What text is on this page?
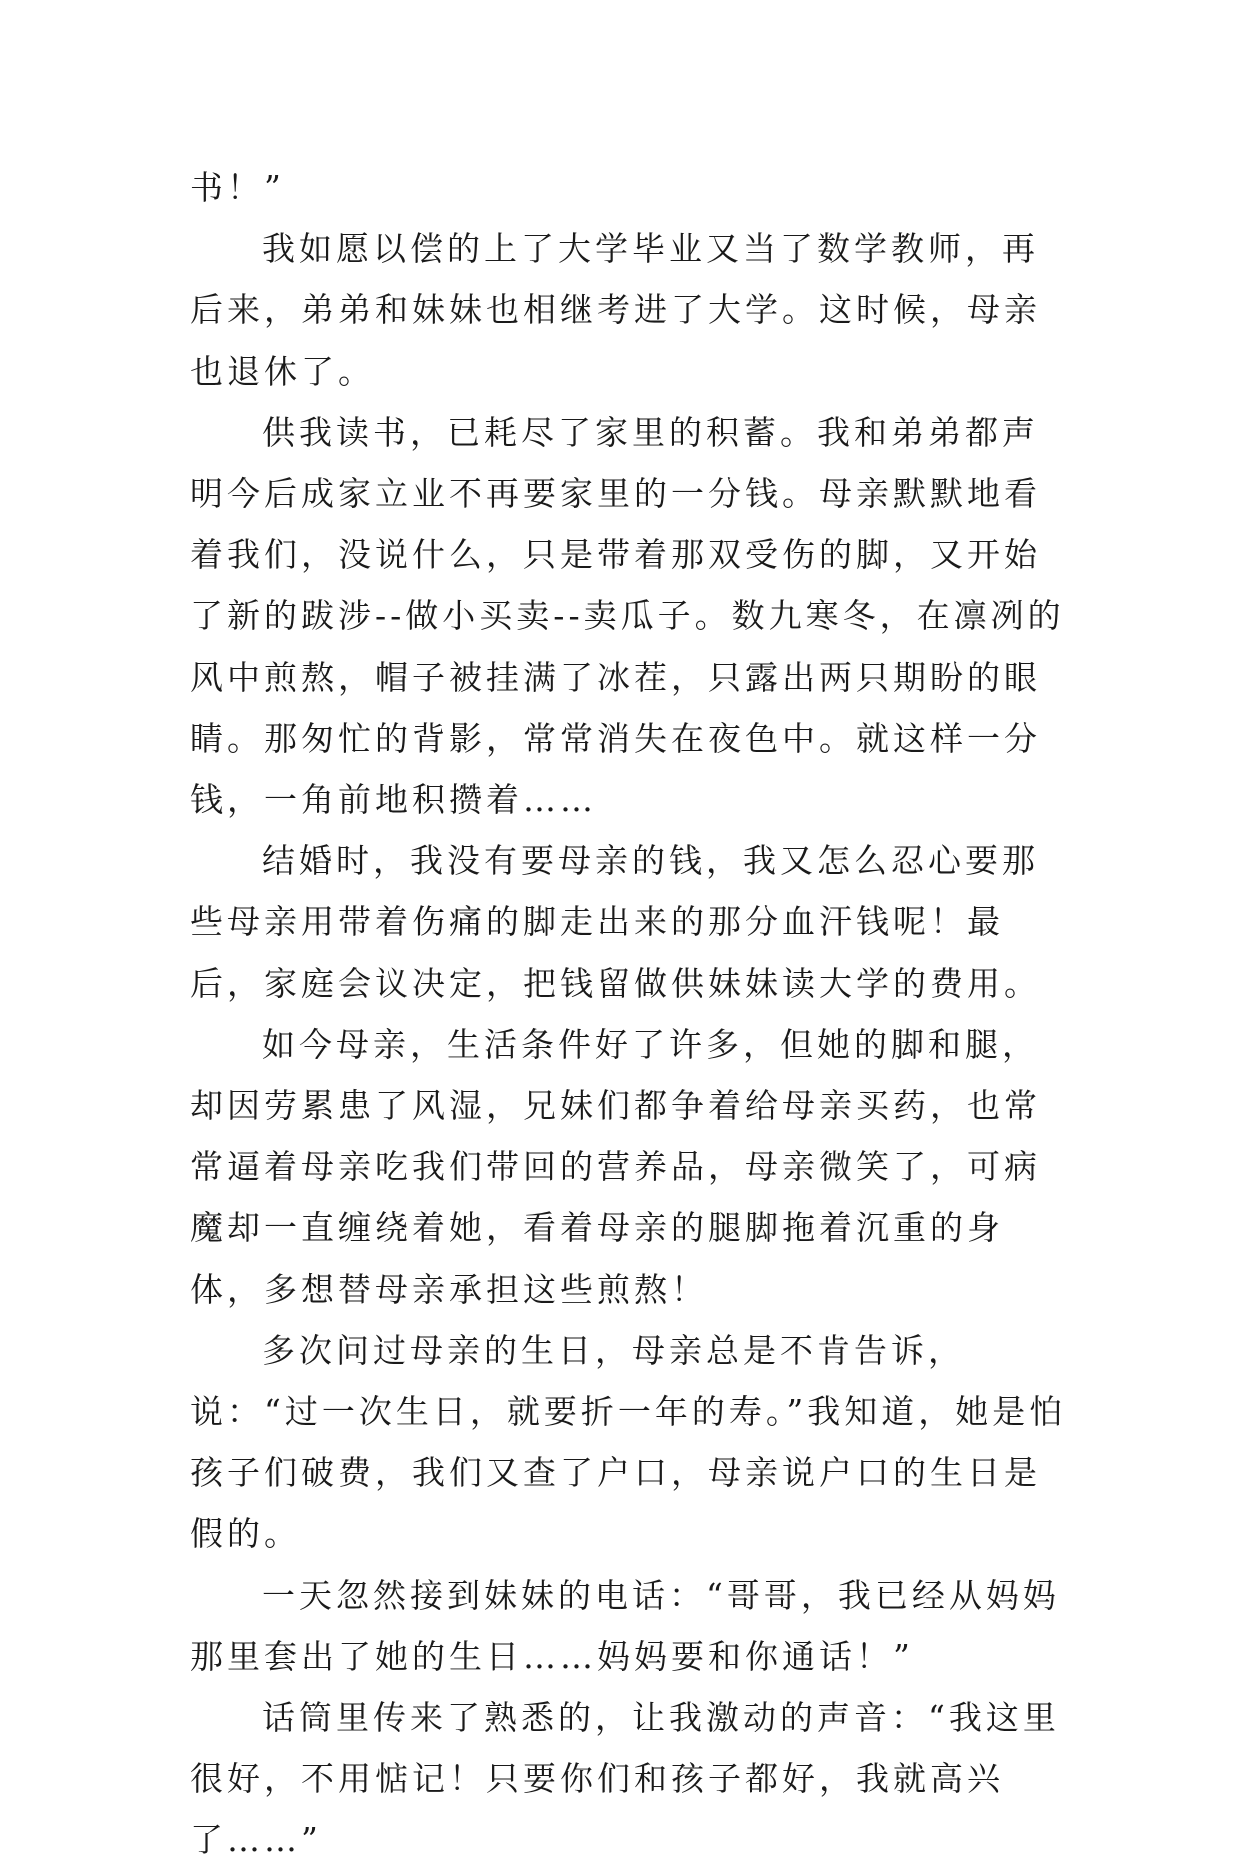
书！”

我如愿以偿的上了大学毕业又当了数学教师，再后来，弟弟和妹妹也相继考进了大学。这时候，母亲也退休了。

供我读书，已耗尽了家里的积蓄。我和弟弟都声明今后成家立业不再要家里的一分钱。母亲默默地看着我们，没说什么，只是带着那双受伤的脚，又开始了新的跋涉--做小买卖--卖瓜子。数九寒冬，在凛冽的风中煎熬，帽子被挂满了冰茬，只露出两只期盼的眼睛。那匆忙的背影，常常消失在夜色中。就这样一分钱，一角前地积攒着……

结婚时，我没有要母亲的钱，我又怎么忍心要那些母亲用带着伤痛的脚走出来的那分血汗钱呢！最后，家庭会议决定，把钱留做供妹妹读大学的费用。

如今母亲，生活条件好了许多，但她的脚和腿，却因劳累患了风湿，兄妹们都争着给母亲买药，也常常逼着母亲吃我们带回的营养品，母亲微笑了，可病魔却一直缠绕着她，看着母亲的腿脚拖着沉重的身体，多想替母亲承担这些煎熬！

多次问过母亲的生日，母亲总是不肯告诉，说：“过一次生日，就要折一年的寿。”我知道，她是怕孩子们破费，我们又查了户口，母亲说户口的生日是假的。

一天忽然接到妹妹的电话：“哥哥，我已经从妈妈那里套出了她的生日……妈妈要和你通话！”

话筒里传来了熟悉的，让我激动的声音：“我这里很好，不用惦记！只要你们和孩子都好，我就高兴了……”
